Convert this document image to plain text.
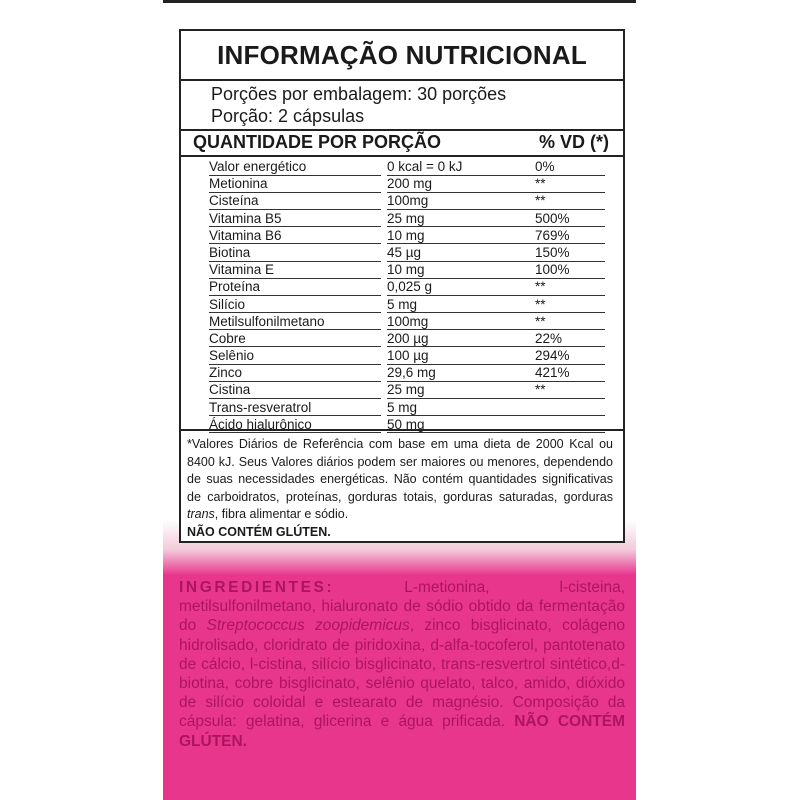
INFORMAÇÃO NUTRICIONAL
Porções por embalagem: 30 porções
Porção: 2 cápsulas
QUANTIDADE POR PORÇÃO	% VD (*)
Valor energético	0 kcal = 0 kJ	0%
Metionina	200 mg	**
Cisteína	100mg	**
Vitamina B5	25 mg	500%
Vitamina B6	10 mg	769%
Biotina	45 µg	150%
Vitamina E	10 mg	100%
Proteína	0,025 g	**
Silício	5 mg	**
Metilsulfonilmetano	100mg	**
Cobre	200 µg	22%
Selênio	100 µg	294%
Zinco	29,6 mg	421%
Cistina	25 mg	**
Trans-resveratrol	5 mg
Ácido hialurônico	50 mg
*Valores Diários de Referência com base em uma dieta de 2000 Kcal ou 8400 kJ. Seus Valores diários podem ser maiores ou menores, dependendo de suas necessidades energéticas. Não contém quantidades significativas de carboidratos, proteínas, gorduras totais, gorduras saturadas, gorduras trans, fibra alimentar e sódio.
NÃO CONTÉM GLÚTEN.
INGREDIENTES: L-metionina, l-cisteina, metilsulfonilmetano, hialuronato de sódio obtido da fermentação do Streptococcus zoopidemicus, zinco bisglicinato, colágeno hidrolisado, cloridrato de piridoxina, d-alfa-tocoferol, pantotenato de cálcio, l-cistina, silício bisglicinato, trans-resvertrol sintético,d-biotina, cobre bisglicinato, selênio quelato, talco, amido, dióxido de silício coloidal e estearato de magnésio. Composição da cápsula: gelatina, glicerina e água prificada. NÃO CONTÉM GLÚTEN.
